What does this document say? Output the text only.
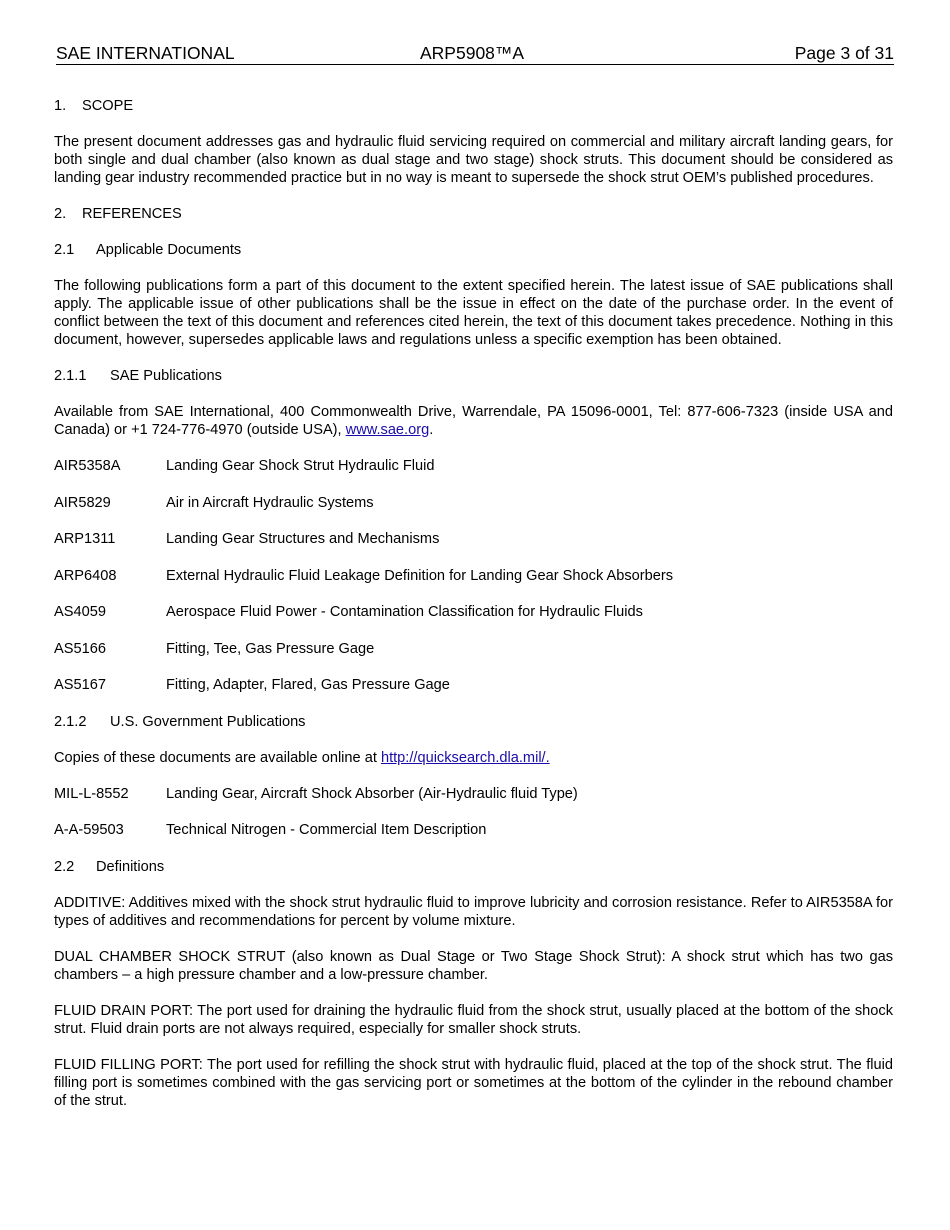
SAE INTERNATIONAL	ARP5908™A	Page 3 of 31
1. SCOPE

The present document addresses gas and hydraulic fluid servicing required on commercial and military aircraft landing gears, for both single and dual chamber (also known as dual stage and two stage) shock struts. This document should be considered as landing gear industry recommended practice but in no way is meant to supersede the shock strut OEM’s published procedures.

2. REFERENCES
2.1 Applicable Documents

The following publications form a part of this document to the extent specified herein. The latest issue of SAE publications shall apply. The applicable issue of other publications shall be the issue in effect on the date of the purchase order. In the event of conflict between the text of this document and references cited herein, the text of this document takes precedence. Nothing in this document, however, supersedes applicable laws and regulations unless a specific exemption has been obtained.

2.1.1 SAE Publications

Available from SAE International, 400 Commonwealth Drive, Warrendale, PA 15096-0001, Tel: 877-606-7323 (inside USA and Canada) or +1 724-776-4970 (outside USA), www.sae.org.

AIR5358A	Landing Gear Shock Strut Hydraulic Fluid
AIR5829	Air in Aircraft Hydraulic Systems
ARP1311	Landing Gear Structures and Mechanisms
ARP6408	External Hydraulic Fluid Leakage Definition for Landing Gear Shock Absorbers
AS4059	Aerospace Fluid Power - Contamination Classification for Hydraulic Fluids
AS5166	Fitting, Tee, Gas Pressure Gage
AS5167	Fitting, Adapter, Flared, Gas Pressure Gage
2.1.2 U.S. Government Publications

Copies of these documents are available online at http://quicksearch.dla.mil/.

MIL-L-8552	Landing Gear, Aircraft Shock Absorber (Air-Hydraulic fluid Type)
A-A-59503	Technical Nitrogen - Commercial Item Description
2.2 Definitions

ADDITIVE: Additives mixed with the shock strut hydraulic fluid to improve lubricity and corrosion resistance. Refer to AIR5358A for types of additives and recommendations for percent by volume mixture.

DUAL CHAMBER SHOCK STRUT (also known as Dual Stage or Two Stage Shock Strut): A shock strut which has two gas chambers – a high pressure chamber and a low-pressure chamber.

FLUID DRAIN PORT: The port used for draining the hydraulic fluid from the shock strut, usually placed at the bottom of the shock strut. Fluid drain ports are not always required, especially for smaller shock struts.

FLUID FILLING PORT: The port used for refilling the shock strut with hydraulic fluid, placed at the top of the shock strut. The fluid filling port is sometimes combined with the gas servicing port or sometimes at the bottom of the cylinder in the rebound chamber of the strut.
